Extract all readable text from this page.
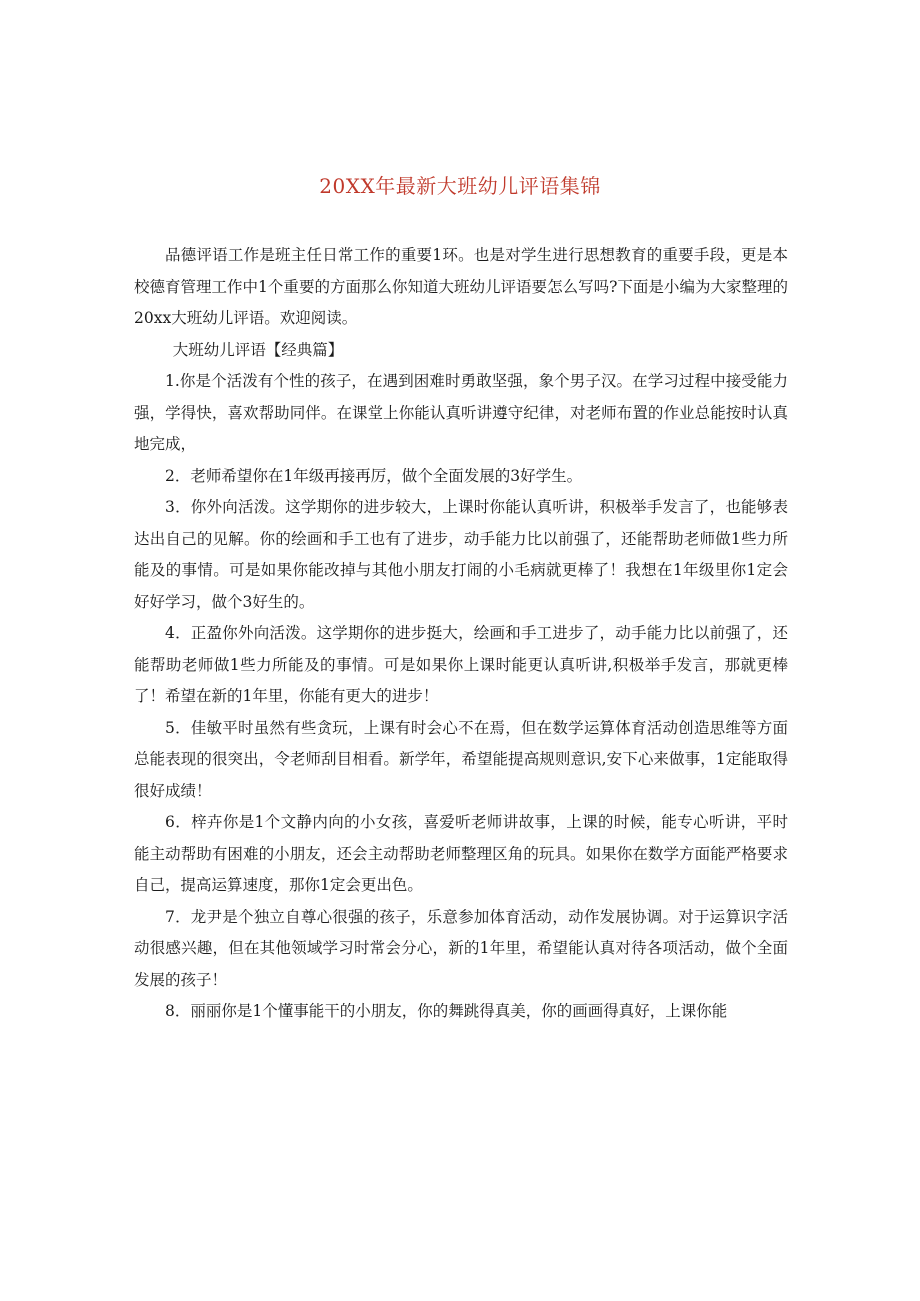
20XX年最新大班幼儿评语集锦

品德评语工作是班主任日常工作的重要1环。也是对学生进行思想教育的重要手段，更是本校德育管理工作中1个重要的方面那么你知道大班幼儿评语要怎么写吗?下面是小编为大家整理的20xx大班幼儿评语。欢迎阅读。

大班幼儿评语【经典篇】

1.你是个活泼有个性的孩子，在遇到困难时勇敢坚强，象个男子汉。在学习过程中接受能力强，学得快，喜欢帮助同伴。在课堂上你能认真听讲遵守纪律，对老师布置的作业总能按时认真地完成，

2．老师希望你在1年级再接再厉，做个全面发展的3好学生。

3．你外向活泼。这学期你的进步较大，上课时你能认真听讲，积极举手发言了，也能够表达出自己的见解。你的绘画和手工也有了进步，动手能力比以前强了，还能帮助老师做1些力所能及的事情。可是如果你能改掉与其他小朋友打闹的小毛病就更棒了！我想在1年级里你1定会好好学习，做个3好生的。

4．正盈你外向活泼。这学期你的进步挺大，绘画和手工进步了，动手能力比以前强了，还能帮助老师做1些力所能及的事情。可是如果你上课时能更认真听讲,积极举手发言，那就更棒了！希望在新的1年里，你能有更大的进步！

5．佳敏平时虽然有些贪玩，上课有时会心不在焉，但在数学运算体育活动创造思维等方面总能表现的很突出，令老师刮目相看。新学年，希望能提高规则意识,安下心来做事，1定能取得很好成绩！

6．梓卉你是1个文静内向的小女孩，喜爱听老师讲故事，上课的时候，能专心听讲，平时能主动帮助有困难的小朋友，还会主动帮助老师整理区角的玩具。如果你在数学方面能严格要求自己，提高运算速度，那你1定会更出色。

7．龙尹是个独立自尊心很强的孩子，乐意参加体育活动，动作发展协调。对于运算识字活动很感兴趣，但在其他领域学习时常会分心，新的1年里，希望能认真对待各项活动，做个全面发展的孩子！

8．丽丽你是1个懂事能干的小朋友，你的舞跳得真美，你的画画得真好，上课你能
